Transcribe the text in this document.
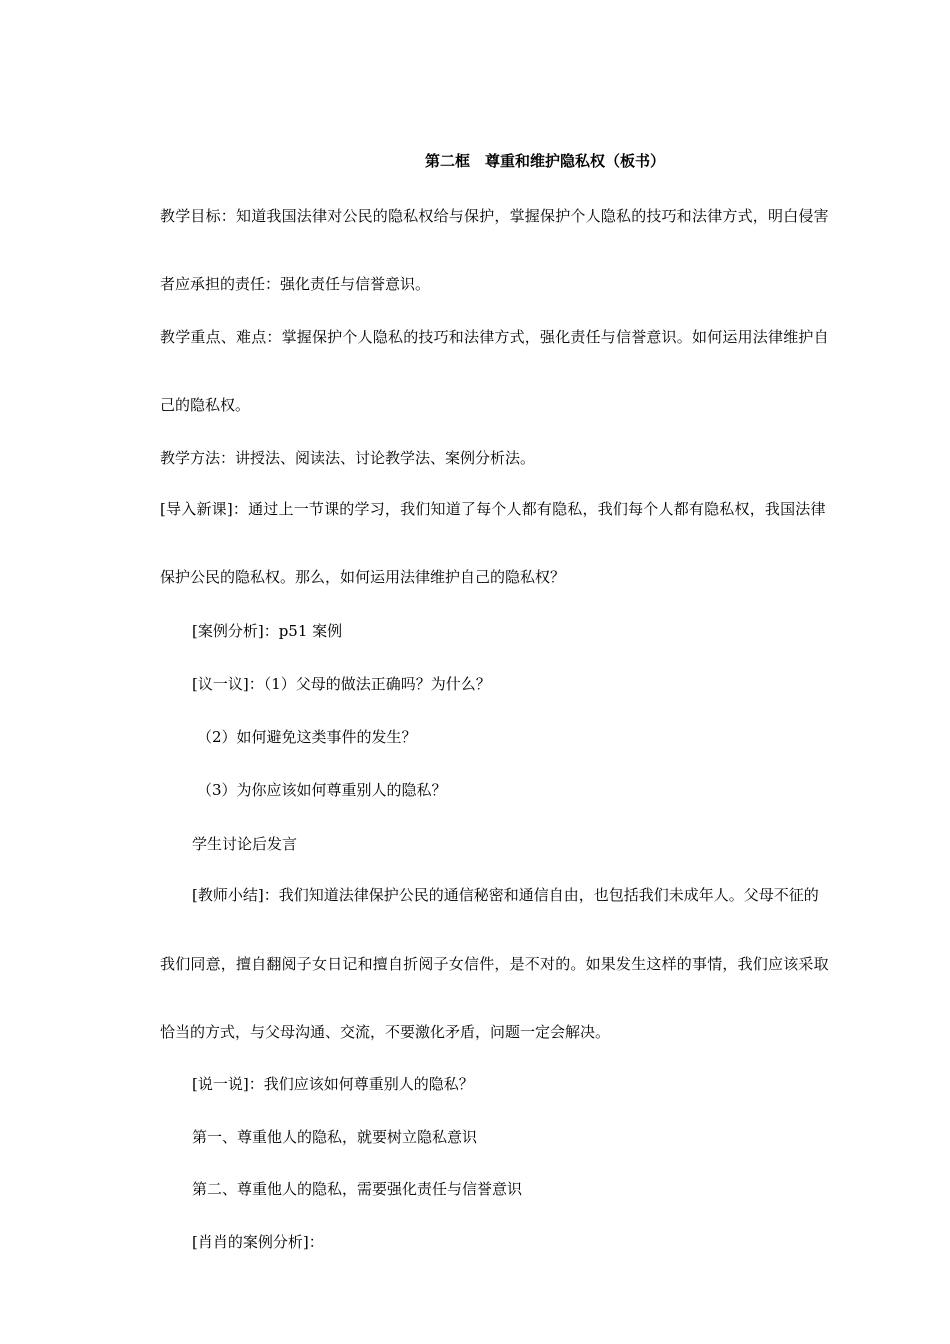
第二框　尊重和维护隐私权（板书）
教学目标：知道我国法律对公民的隐私权给与保护，掌握保护个人隐私的技巧和法律方式，明白侵害
者应承担的责任：强化责任与信誉意识。
教学重点、难点：掌握保护个人隐私的技巧和法律方式，强化责任与信誉意识。如何运用法律维护自
己的隐私权。
教学方法：讲授法、阅读法、讨论教学法、案例分析法。
[导入新课]：通过上一节课的学习，我们知道了每个人都有隐私，我们每个人都有隐私权，我国法律
保护公民的隐私权。那么，如何运用法律维护自己的隐私权？
[案例分析]：p51 案例
[议一议]：（1）父母的做法正确吗？为什么？
（2）如何避免这类事件的发生？
（3）为你应该如何尊重别人的隐私？
学生讨论后发言
[教师小结]：我们知道法律保护公民的通信秘密和通信自由，也包括我们未成年人。父母不征的
我们同意，擅自翻阅子女日记和擅自折阅子女信件，是不对的。如果发生这样的事情，我们应该采取
恰当的方式，与父母沟通、交流，不要激化矛盾，问题一定会解决。
[说一说]：我们应该如何尊重别人的隐私？
第一、尊重他人的隐私，就要树立隐私意识
第二、尊重他人的隐私，需要强化责任与信誉意识
[肖肖的案例分析]：
